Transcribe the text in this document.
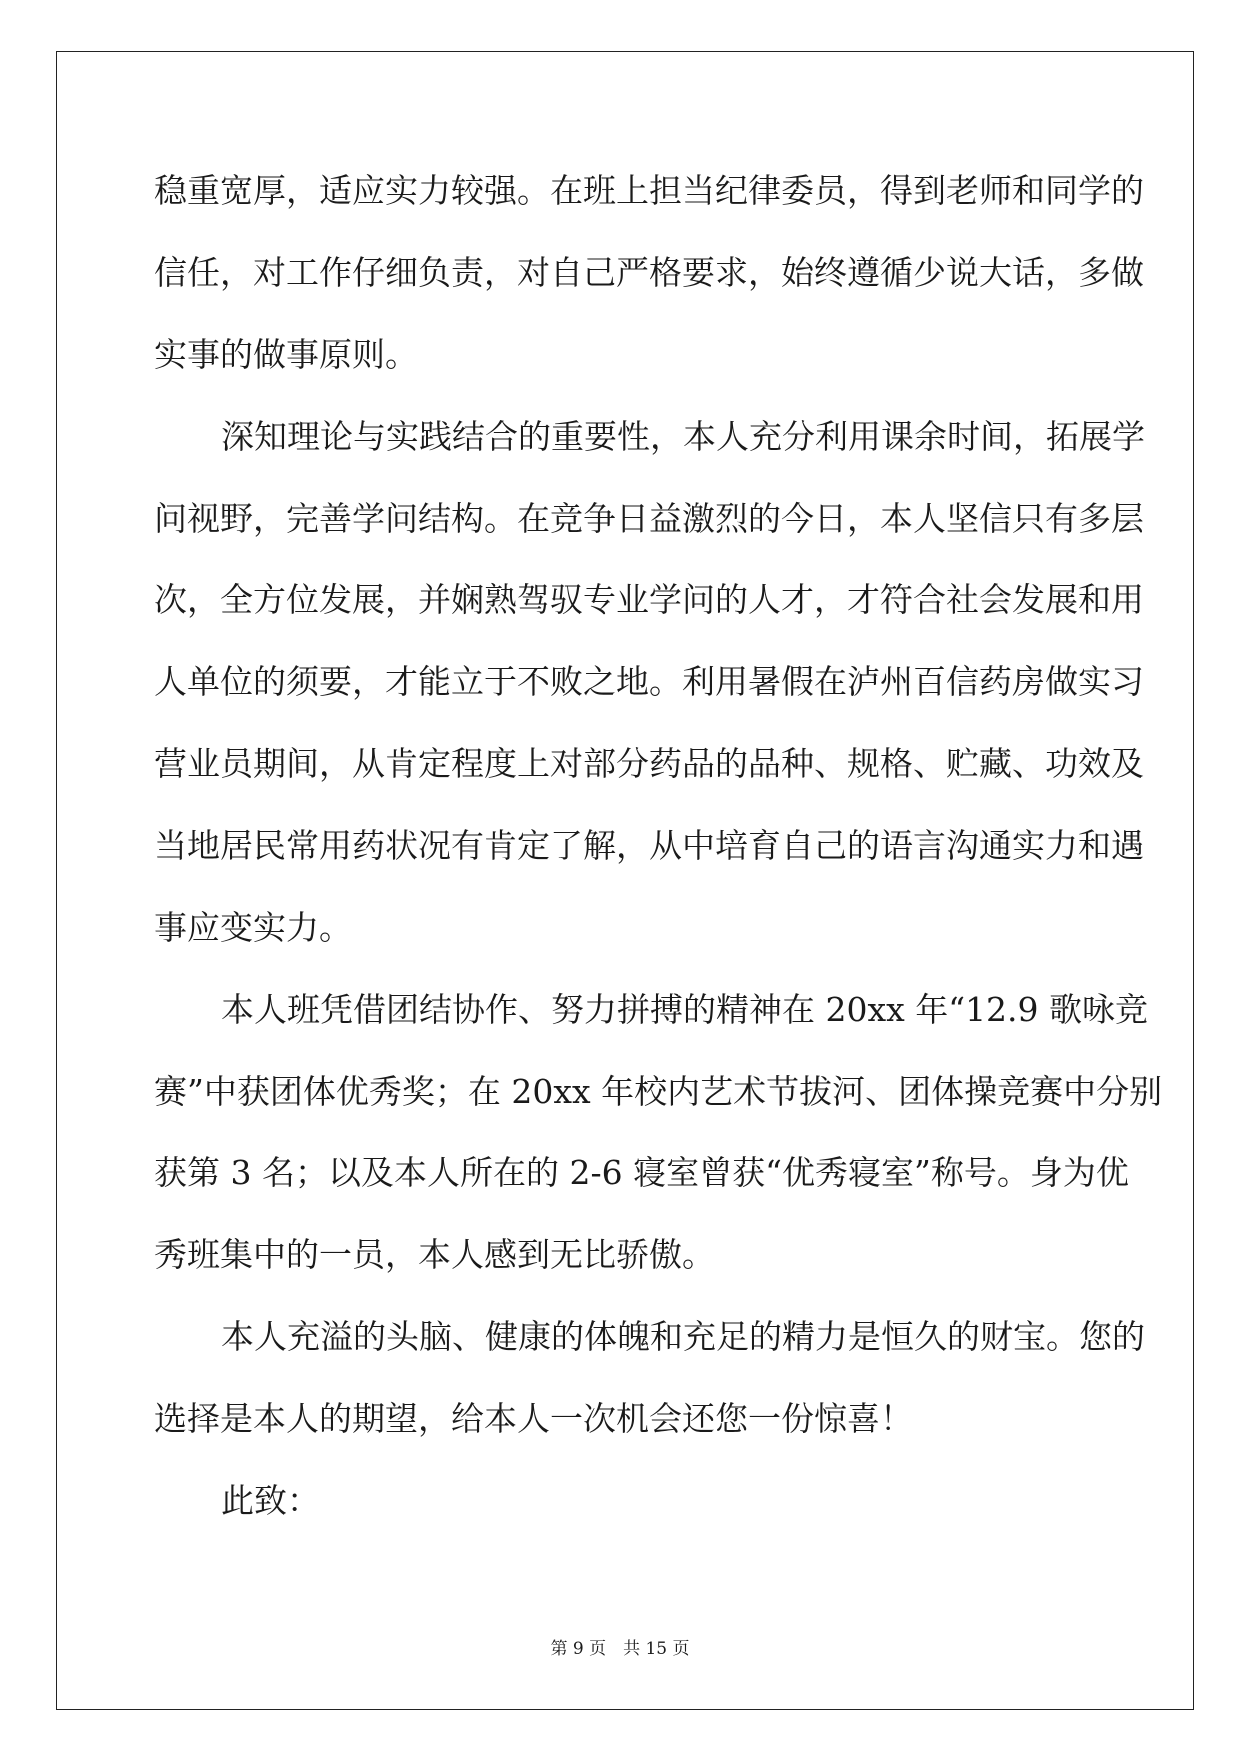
稳重宽厚，适应实力较强。在班上担当纪律委员，得到老师和同学的
信任，对工作仔细负责，对自己严格要求，始终遵循少说大话，多做
实事的做事原则。
深知理论与实践结合的重要性，本人充分利用课余时间，拓展学
问视野，完善学问结构。在竞争日益激烈的今日，本人坚信只有多层
次，全方位发展，并娴熟驾驭专业学问的人才，才符合社会发展和用
人单位的须要，才能立于不败之地。利用暑假在泸州百信药房做实习
营业员期间，从肯定程度上对部分药品的品种、规格、贮藏、功效及
当地居民常用药状况有肯定了解，从中培育自己的语言沟通实力和遇
事应变实力。
本人班凭借团结协作、努力拼搏的精神在 20xx 年“12.9 歌咏竞
赛”中获团体优秀奖；在 20xx 年校内艺术节拔河、团体操竞赛中分别
获第 3 名；以及本人所在的 2-6 寝室曾获“优秀寝室”称号。身为优
秀班集中的一员，本人感到无比骄傲。
本人充溢的头脑、健康的体魄和充足的精力是恒久的财宝。您的
选择是本人的期望，给本人一次机会还您一份惊喜！
此致：
第 9 页　共 15 页
